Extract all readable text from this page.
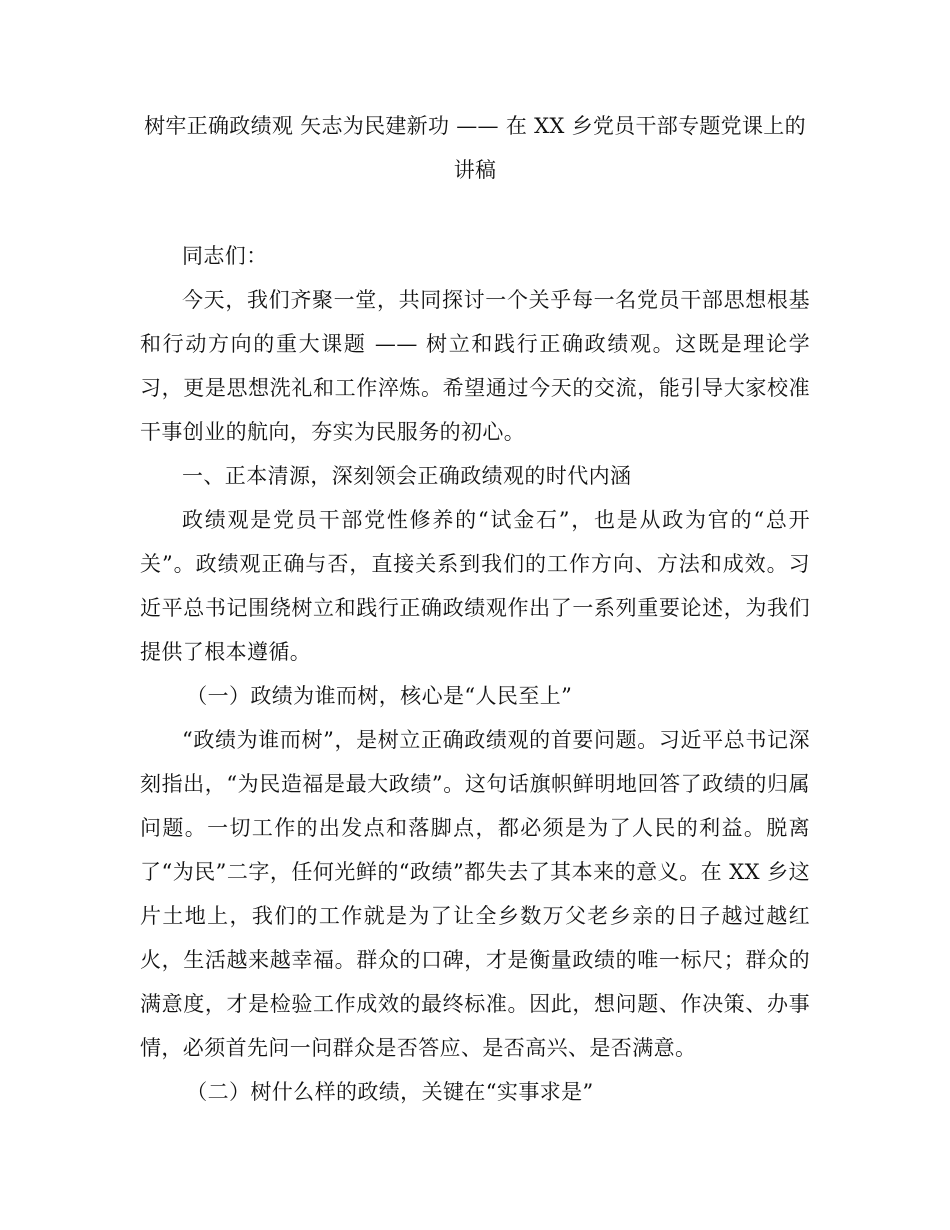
树牢正确政绩观 矢志为民建新功 —— 在 XX 乡党员干部专题党课上的讲稿

同志们：

今天，我们齐聚一堂，共同探讨一个关乎每一名党员干部思想根基和行动方向的重大课题 —— 树立和践行正确政绩观。这既是理论学习，更是思想洗礼和工作淬炼。希望通过今天的交流，能引导大家校准干事创业的航向，夯实为民服务的初心。

一、正本清源，深刻领会正确政绩观的时代内涵

政绩观是党员干部党性修养的“试金石”，也是从政为官的“总开关”。政绩观正确与否，直接关系到我们的工作方向、方法和成效。习近平总书记围绕树立和践行正确政绩观作出了一系列重要论述，为我们提供了根本遵循。

（一）政绩为谁而树，核心是“人民至上”

“政绩为谁而树”，是树立正确政绩观的首要问题。习近平总书记深刻指出，“为民造福是最大政绩”。这句话旗帜鲜明地回答了政绩的归属问题。一切工作的出发点和落脚点，都必须是为了人民的利益。脱离了“为民”二字，任何光鲜的“政绩”都失去了其本来的意义。在 XX 乡这片土地上，我们的工作就是为了让全乡数万父老乡亲的日子越过越红火，生活越来越幸福。群众的口碑，才是衡量政绩的唯一标尺；群众的满意度，才是检验工作成效的最终标准。因此，想问题、作决策、办事情，必须首先问一问群众是否答应、是否高兴、是否满意。

（二）树什么样的政绩，关键在“实事求是”
